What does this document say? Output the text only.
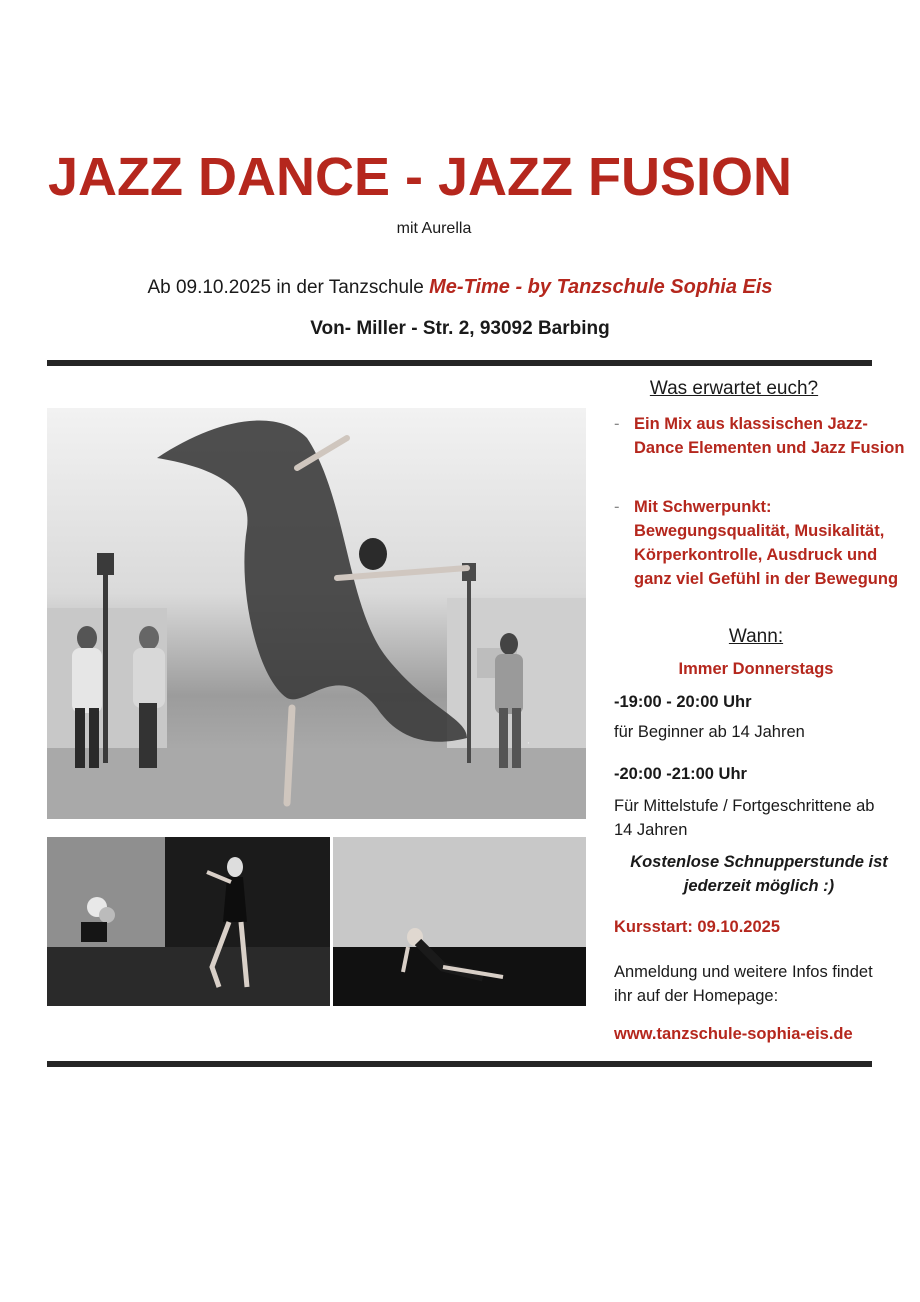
JAZZ DANCE - JAZZ FUSION
mit Aurella
Ab 09.10.2025 in der Tanzschule Me-Time - by Tanzschule Sophia Eis
Von- Miller - Str. 2, 93092 Barbing
·
Was erwartet euch?
- Ein Mix aus klassischen Jazz-Dance Elementen und Jazz Fusion
- Mit Schwerpunkt: Bewegungsqualität, Musikalität, Körperkontrolle, Ausdruck und ganz viel Gefühl in der Bewegung
Wann:
Immer Donnerstags
-19:00 - 20:00 Uhr
für Beginner ab 14 Jahren
-20:00 -21:00 Uhr
Für Mittelstufe / Fortgeschrittene ab 14 Jahren
Kostenlose Schnupperstunde ist jederzeit möglich :)
Kursstart: 09.10.2025
Anmeldung und weitere Infos findet ihr auf der Homepage:
www.tanzschule-sophia-eis.de
